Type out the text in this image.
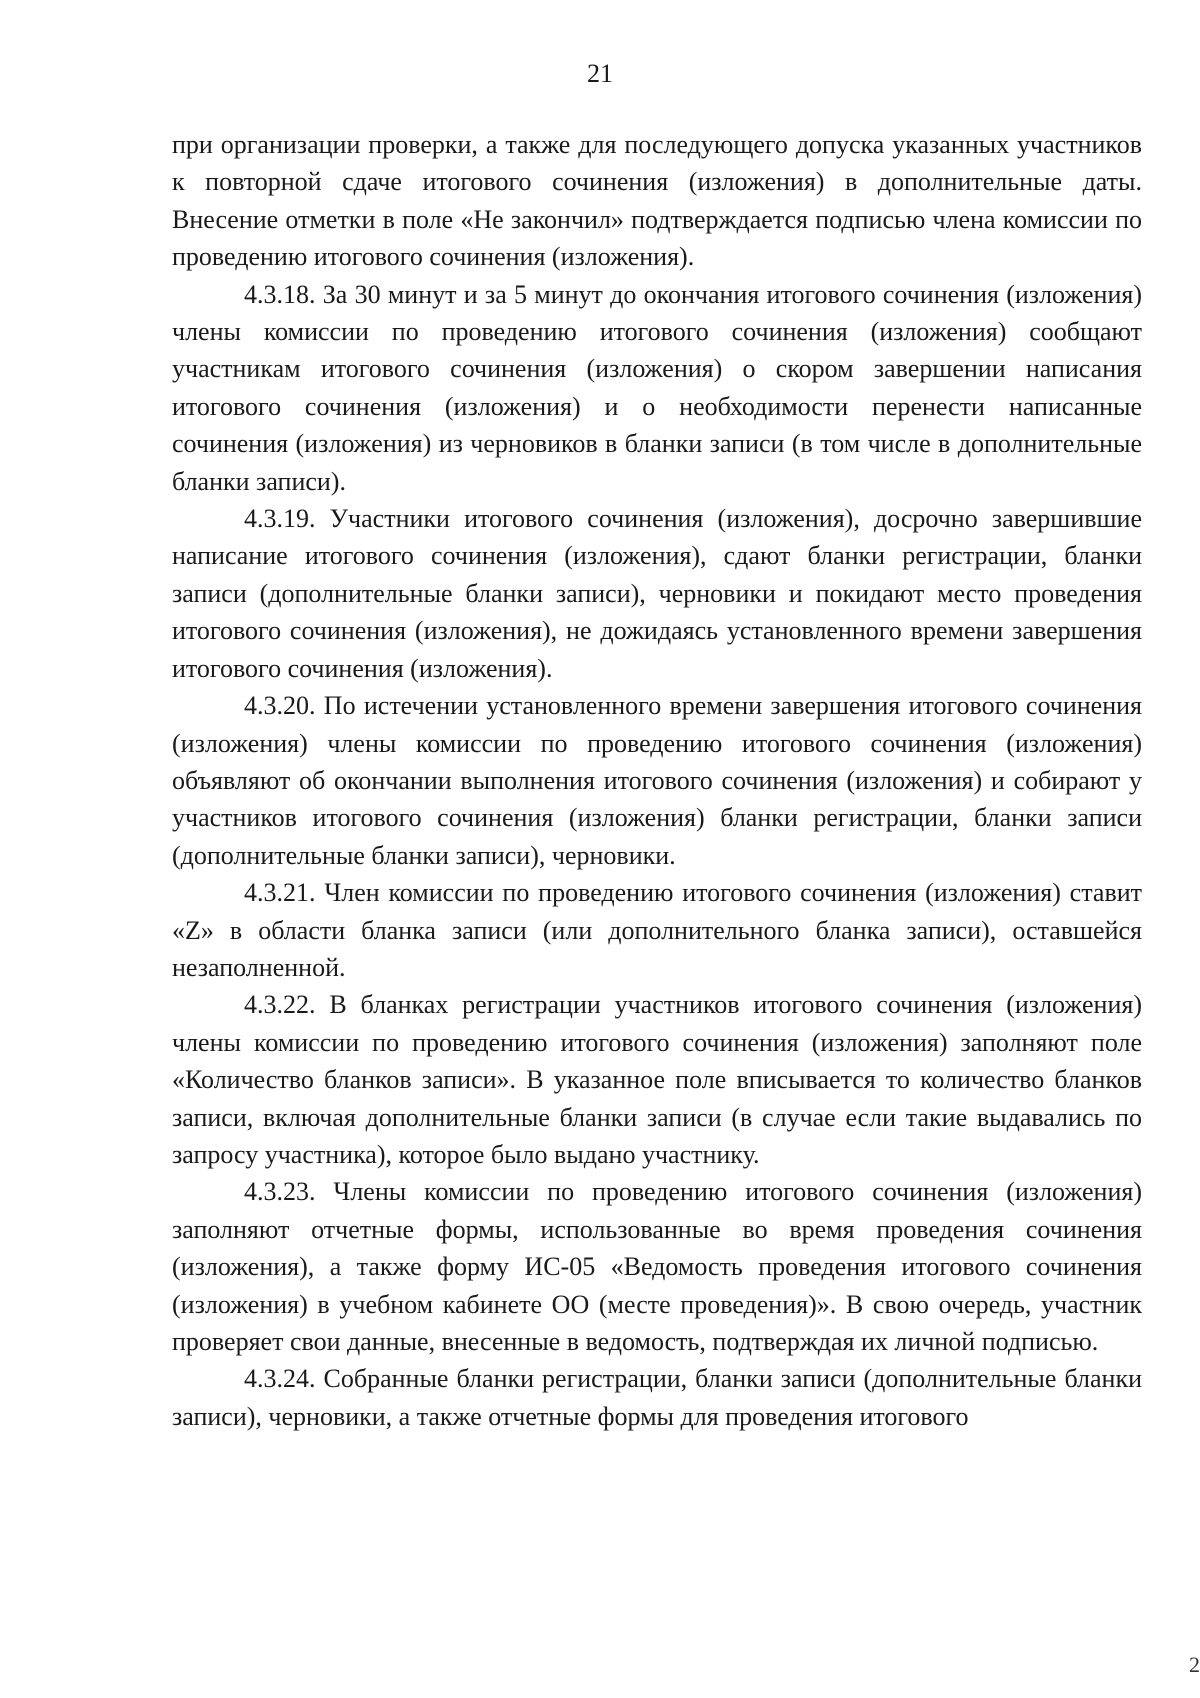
21

при организации проверки, а также для последующего допуска указанных участников к повторной сдаче итогового сочинения (изложения) в дополнительные даты. Внесение отметки в поле «Не закончил» подтверждается подписью члена комиссии по проведению итогового сочинения (изложения).

4.3.18. За 30 минут и за 5 минут до окончания итогового сочинения (изложения) члены комиссии по проведению итогового сочинения (изложения) сообщают участникам итогового сочинения (изложения) о скором завершении написания итогового сочинения (изложения) и о необходимости перенести написанные сочинения (изложения) из черновиков в бланки записи (в том числе в дополнительные бланки записи).

4.3.19. Участники итогового сочинения (изложения), досрочно завершившие написание итогового сочинения (изложения), сдают бланки регистрации, бланки записи (дополнительные бланки записи), черновики и покидают место проведения итогового сочинения (изложения), не дожидаясь установленного времени завершения итогового сочинения (изложения).

4.3.20. По истечении установленного времени завершения итогового сочинения (изложения) члены комиссии по проведению итогового сочинения (изложения) объявляют об окончании выполнения итогового сочинения (изложения) и собирают у участников итогового сочинения (изложения) бланки регистрации, бланки записи (дополнительные бланки записи), черновики.

4.3.21. Член комиссии по проведению итогового сочинения (изложения) ставит «Z» в области бланка записи (или дополнительного бланка записи), оставшейся незаполненной.

4.3.22. В бланках регистрации участников итогового сочинения (изложения) члены комиссии по проведению итогового сочинения (изложения) заполняют поле «Количество бланков записи». В указанное поле вписывается то количество бланков записи, включая дополнительные бланки записи (в случае если такие выдавались по запросу участника), которое было выдано участнику.

4.3.23. Члены комиссии по проведению итогового сочинения (изложения) заполняют отчетные формы, использованные во время проведения сочинения (изложения), а также форму ИС-05 «Ведомость проведения итогового сочинения (изложения) в учебном кабинете ОО (месте проведения)». В свою очередь, участник проверяет свои данные, внесенные в ведомость, подтверждая их личной подписью.

4.3.24. Собранные бланки регистрации, бланки записи (дополнительные бланки записи), черновики, а также отчетные формы для проведения итогового

2
